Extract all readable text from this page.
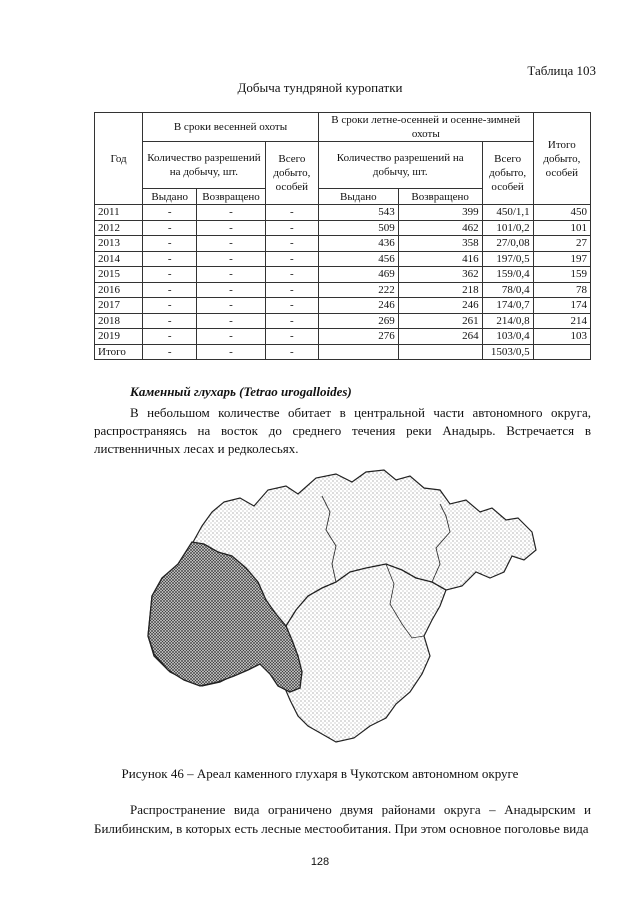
Таблица 103
Добыча тундряной куропатки
Год	В сроки весенней охоты			В сроки летне-осенней и осенне-зимней охоты			Итого добыто, особей
	Количество разрешений на добычу, шт.		Всего добыто, особей	Количество разрешений на добычу, шт.		Всего добыто, особей	
	Выдано	Возвращено		Выдано	Возвращено		
2011	-	-	-	543	399	450/1,1	450
2012	-	-	-	509	462	101/0,2	101
2013	-	-	-	436	358	27/0,08	27
2014	-	-	-	456	416	197/0,5	197
2015	-	-	-	469	362	159/0,4	159
2016	-	-	-	222	218	78/0,4	78
2017	-	-	-	246	246	174/0,7	174
2018	-	-	-	269	261	214/0,8	214
2019	-	-	-	276	264	103/0,4	103
Итого	-	-	-			1503/0,5	
Каменный глухарь (Tetrao urogalloides)
В небольшом количестве обитает в центральной части автономного округа, распространяясь на восток до среднего течения реки Анадырь. Встречается в лиственничных лесах и редколесьях.
Рисунок 46 – Ареал каменного глухаря в Чукотском автономном округе
Распространение вида ограничено двумя районами округа – Анадырским и Билибинским, в которых есть лесные местообитания. При этом основное поголовье вида
128
